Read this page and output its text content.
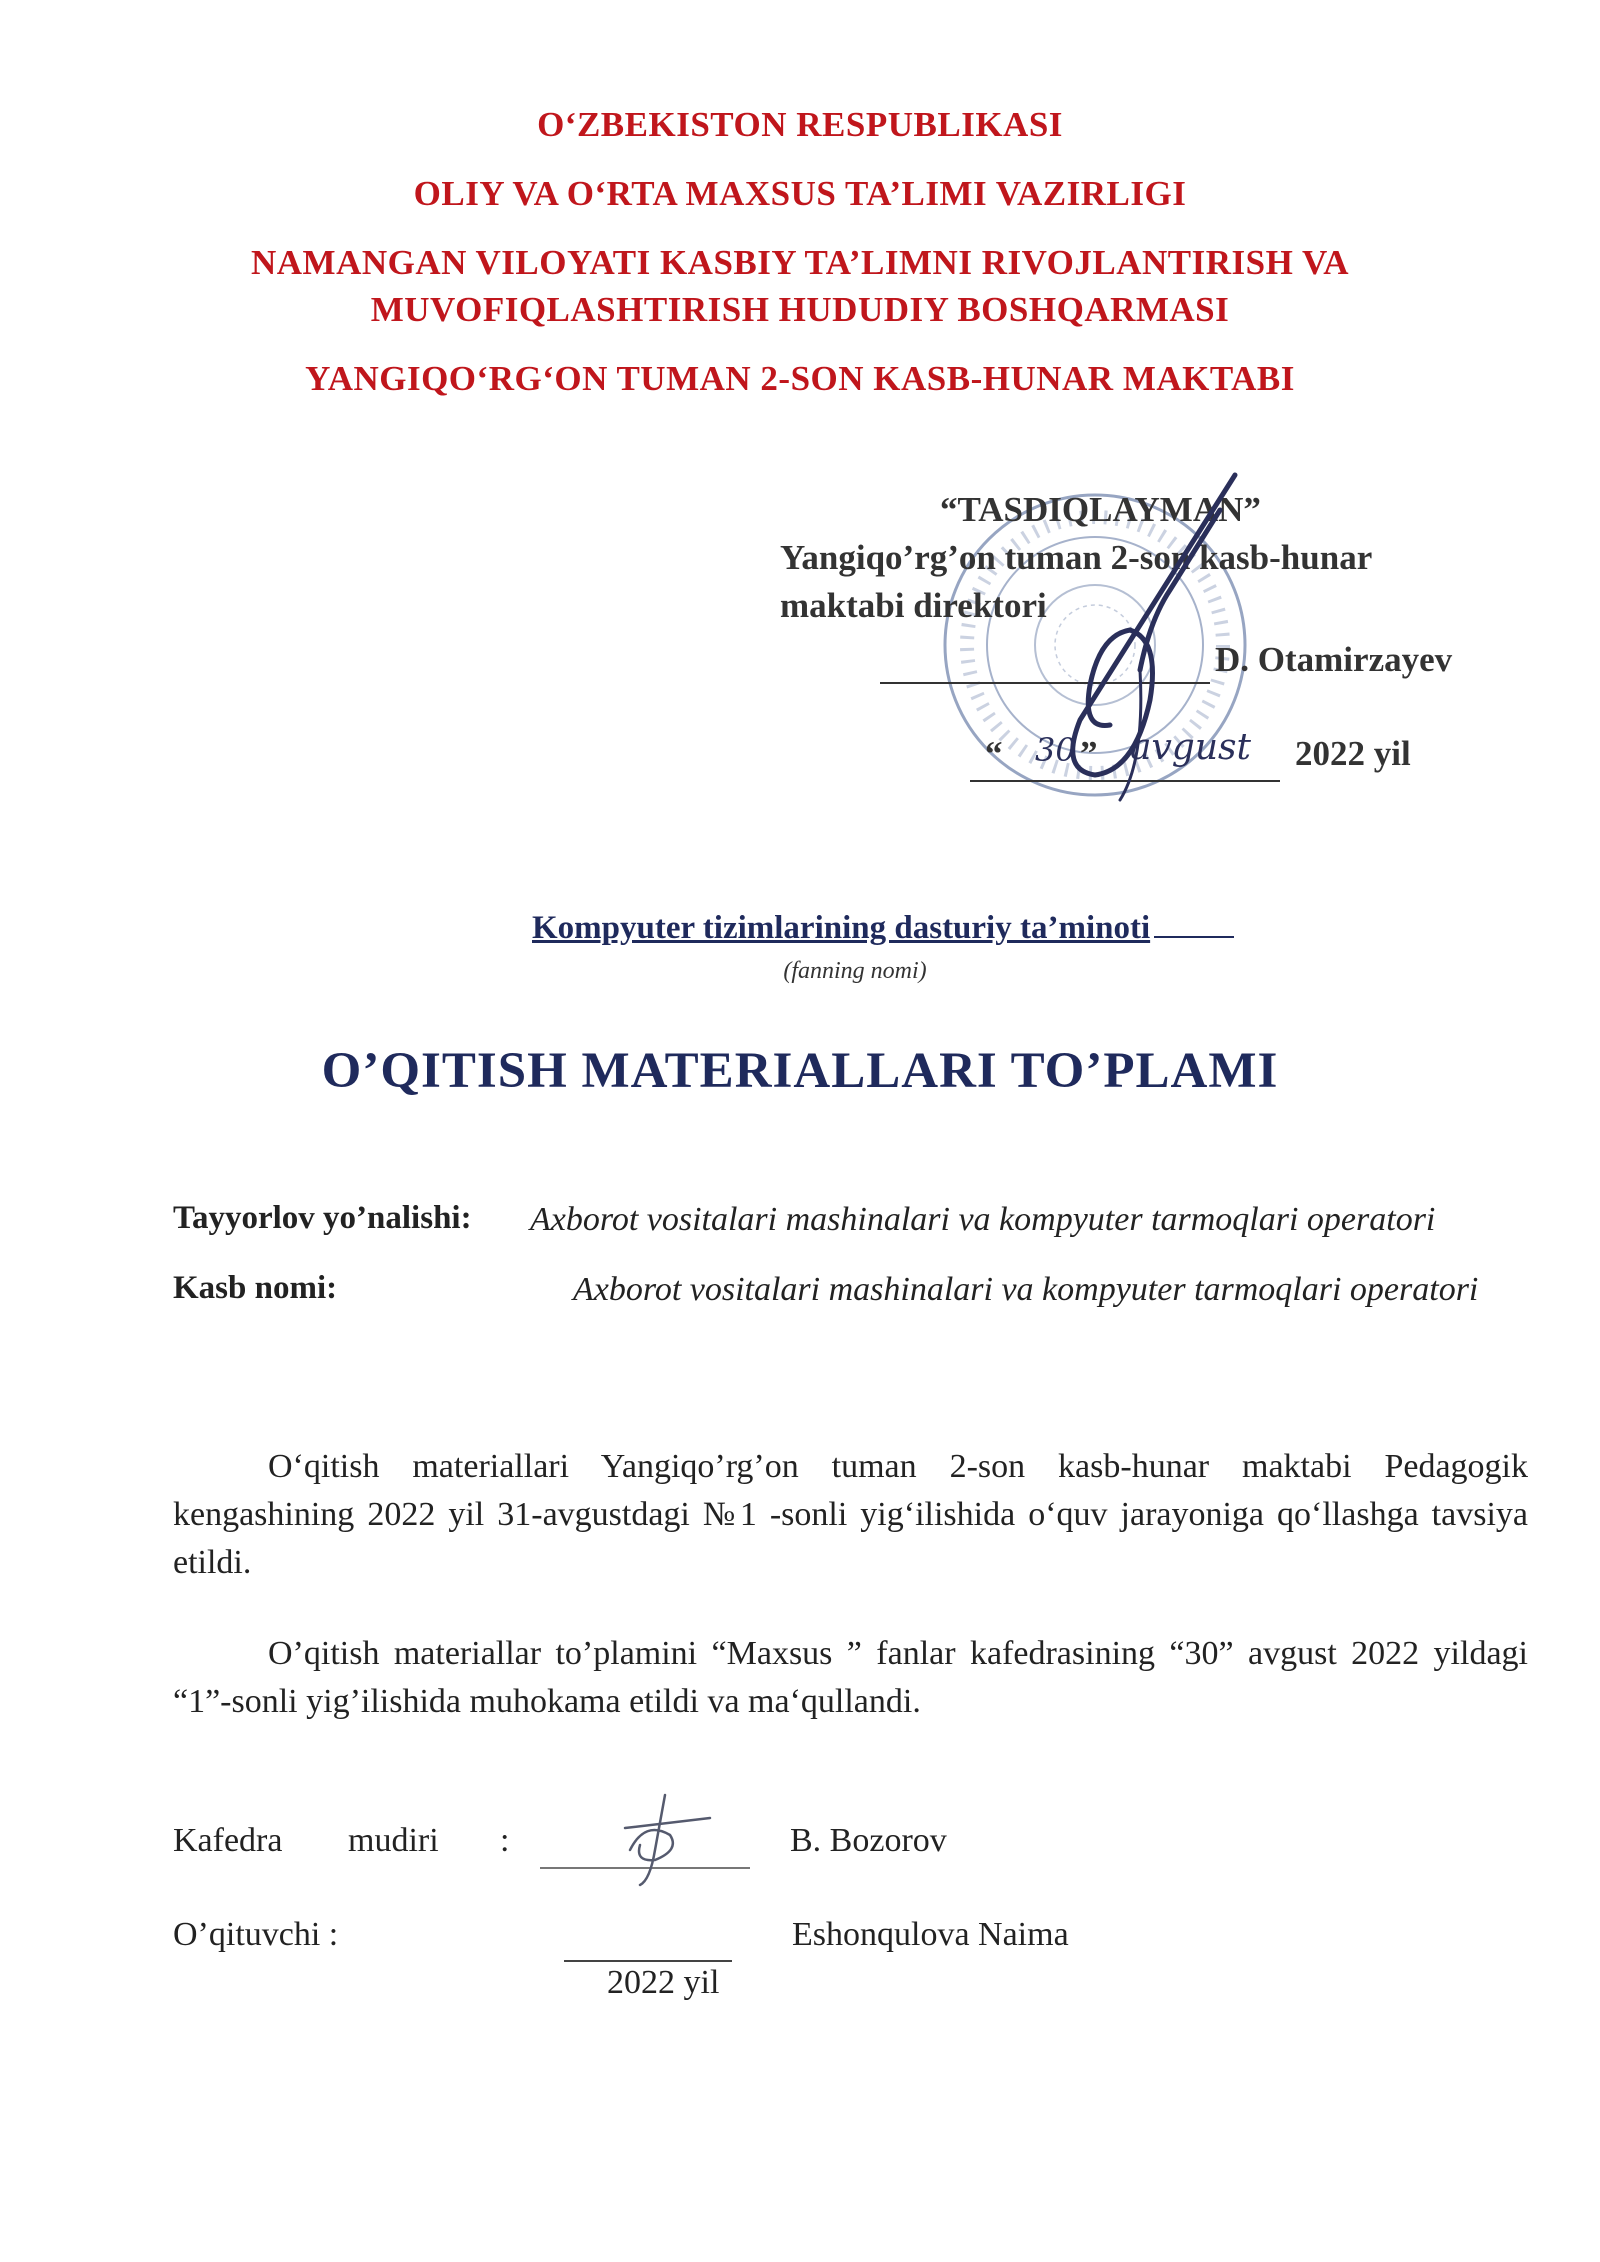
O‘ZBEKISTON RESPUBLIKASI
OLIY VA O‘RTA MAXSUS TA’LIMI VAZIRLIGI
NAMANGAN VILOYATI KASBIY TA’LIMNI RIVOJLANTIRISH VA
MUVOFIQLASHTIRISH HUDUDIY BOSHQARMASI
YANGIQO‘RG‘ON TUMAN 2-SON KASB-HUNAR MAKTABI
“TASDIQLAYMAN”
Yangiqo’rg’on tuman 2-son kasb-hunar
maktabi direktori
D. Otamirzayev
“ 30 ” avgust 2022 yil
Kompyuter tizimlarining dasturiy ta’minoti
(fanning nomi)
O’QITISH MATERIALLARI TO’PLAMI
Tayyorlov yo’nalishi: Axborot vositalari mashinalari va kompyuter tarmoqlari operatori
Kasb nomi:	Axborot vositalari mashinalari va kompyuter tarmoqlari operatori
O‘qitish materiallari Yangiqo’rg’on tuman 2-son kasb-hunar maktabi Pedagogik kengashining 2022 yil 31-avgustdagi №1 -sonli yig‘ilishida o‘quv jarayoniga qo‘llashga tavsiya etildi.
O’qitish materiallar to’plamini “Maxsus ” fanlar kafedrasining “30” avgust 2022 yildagi “1”-sonli yig’ilishida muhokama etildi va ma‘qullandi.
Kafedra mudiri :	B. Bozorov
O’qituvchi :	Eshonqulova Naima
2022 yil
